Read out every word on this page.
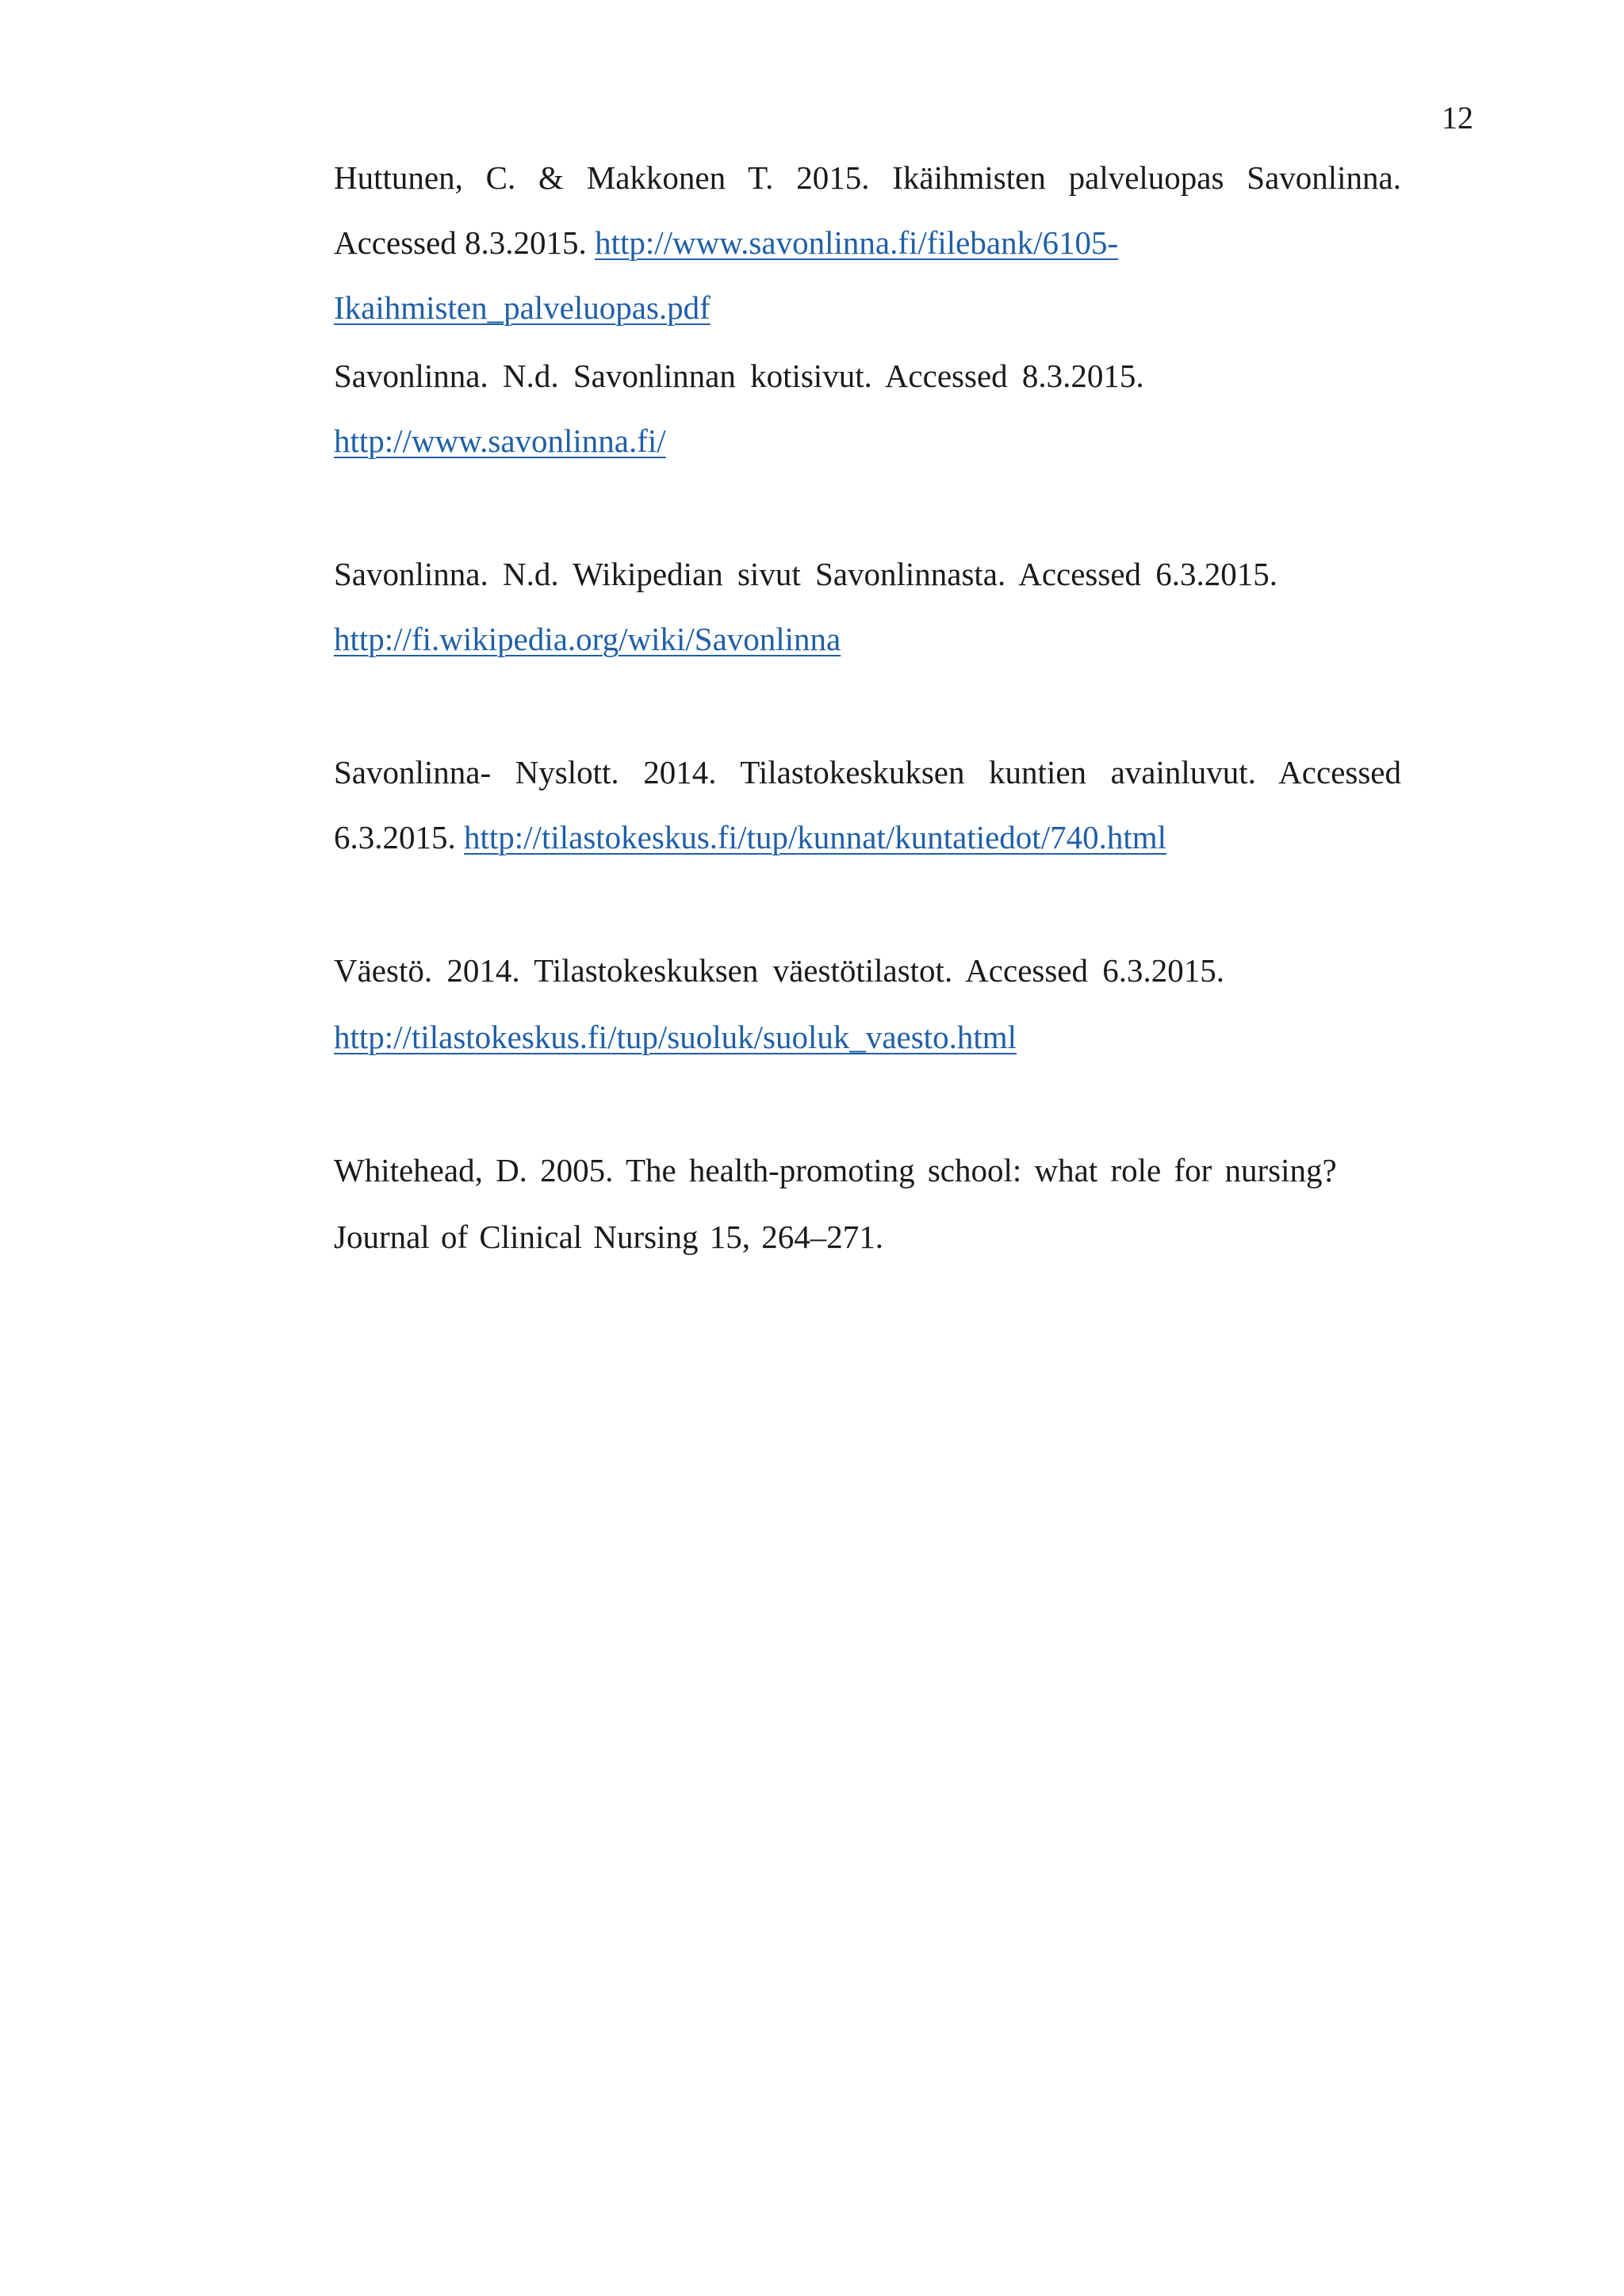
12
Huttunen, C. & Makkonen T. 2015. Ikäihmisten palveluopas Savonlinna.
Accessed 8.3.2015. http://www.savonlinna.fi/filebank/6105-
Ikaihmisten_palveluopas.pdf
Savonlinna. N.d. Savonlinnan kotisivut. Accessed 8.3.2015.
http://www.savonlinna.fi/
Savonlinna. N.d. Wikipedian sivut Savonlinnasta. Accessed 6.3.2015.
http://fi.wikipedia.org/wiki/Savonlinna
Savonlinna- Nyslott. 2014. Tilastokeskuksen kuntien avainluvut. Accessed
6.3.2015. http://tilastokeskus.fi/tup/kunnat/kuntatiedot/740.html
Väestö. 2014. Tilastokeskuksen väestötilastot. Accessed 6.3.2015.
http://tilastokeskus.fi/tup/suoluk/suoluk_vaesto.html
Whitehead, D. 2005. The health-promoting school: what role for nursing?
Journal of Clinical Nursing 15, 264–271.
